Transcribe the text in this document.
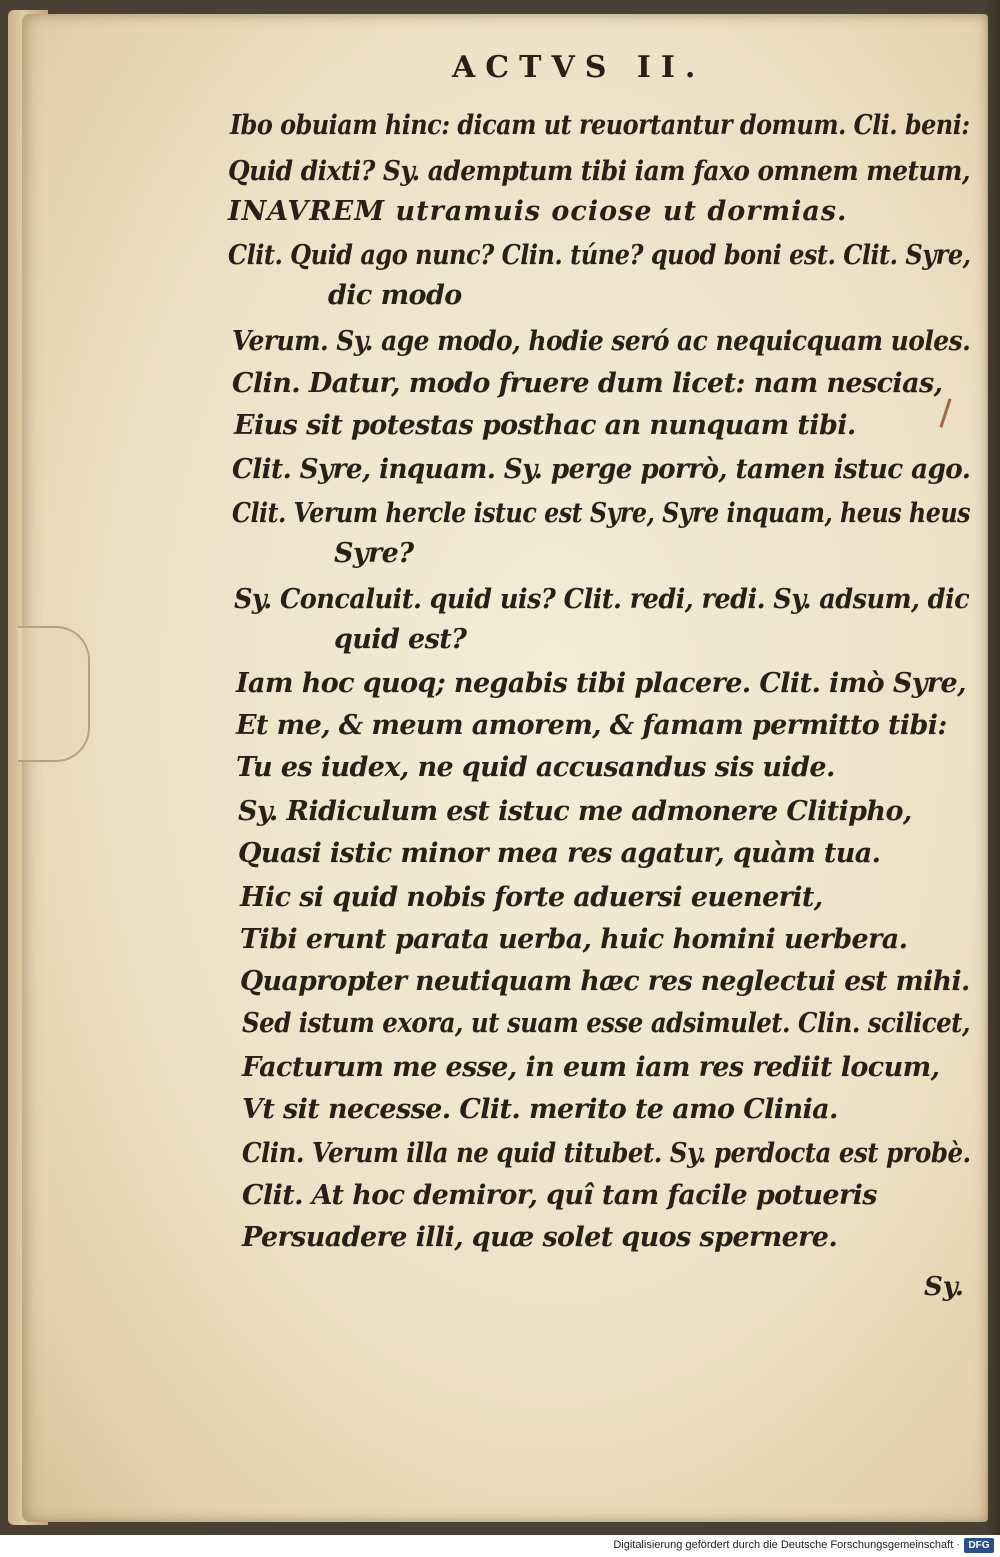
ACTVS II.
Ibo obuiam hinc: dicam ut reuortantur domum. Cli. beni:
Quid dixti? Sy. ademptum tibi iam faxo omnem metum,
INAVREM utramuis ociose ut dormias.
Clit. Quid ago nunc? Clin. túne? quod boni est. Clit. Syre,
dic modo
Verum. Sy. age modo, hodie seró ac nequicquam uoles.
Clin. Datur, modo fruere dum licet: nam nescias,
Eius sit potestas posthac an nunquam tibi.
Clit. Syre, inquam. Sy. perge porrò, tamen istuc ago.
Clit. Verum hercle istuc est Syre, Syre inquam, heus heus
Syre?
Sy. Concaluit. quid uis? Clit. redi, redi. Sy. adsum, dic
quid est?
Iam hoc quoq; negabis tibi placere. Clit. imò Syre,
Et me, & meum amorem, & famam permitto tibi:
Tu es iudex, ne quid accusandus sis uide.
Sy. Ridiculum est istuc me admonere Clitipho,
Quasi istic minor mea res agatur, quàm tua.
Hic si quid nobis forte aduersi euenerit,
Tibi erunt parata uerba, huic homini uerbera.
Quapropter neutiquam hæc res neglectui est mihi.
Sed istum exora, ut suam esse adsimulet. Clin. scilicet,
Facturum me esse, in eum iam res rediit locum,
Vt sit necesse. Clit. merito te amo Clinia.
Clin. Verum illa ne quid titubet. Sy. perdocta est probè.
Clit. At hoc demiror, quî tam facile potueris
Persuadere illi, quæ solet quos spernere.
Sy.
Digitalisierung gefördert durch die Deutsche Forschungsgemeinschaft · DFG
